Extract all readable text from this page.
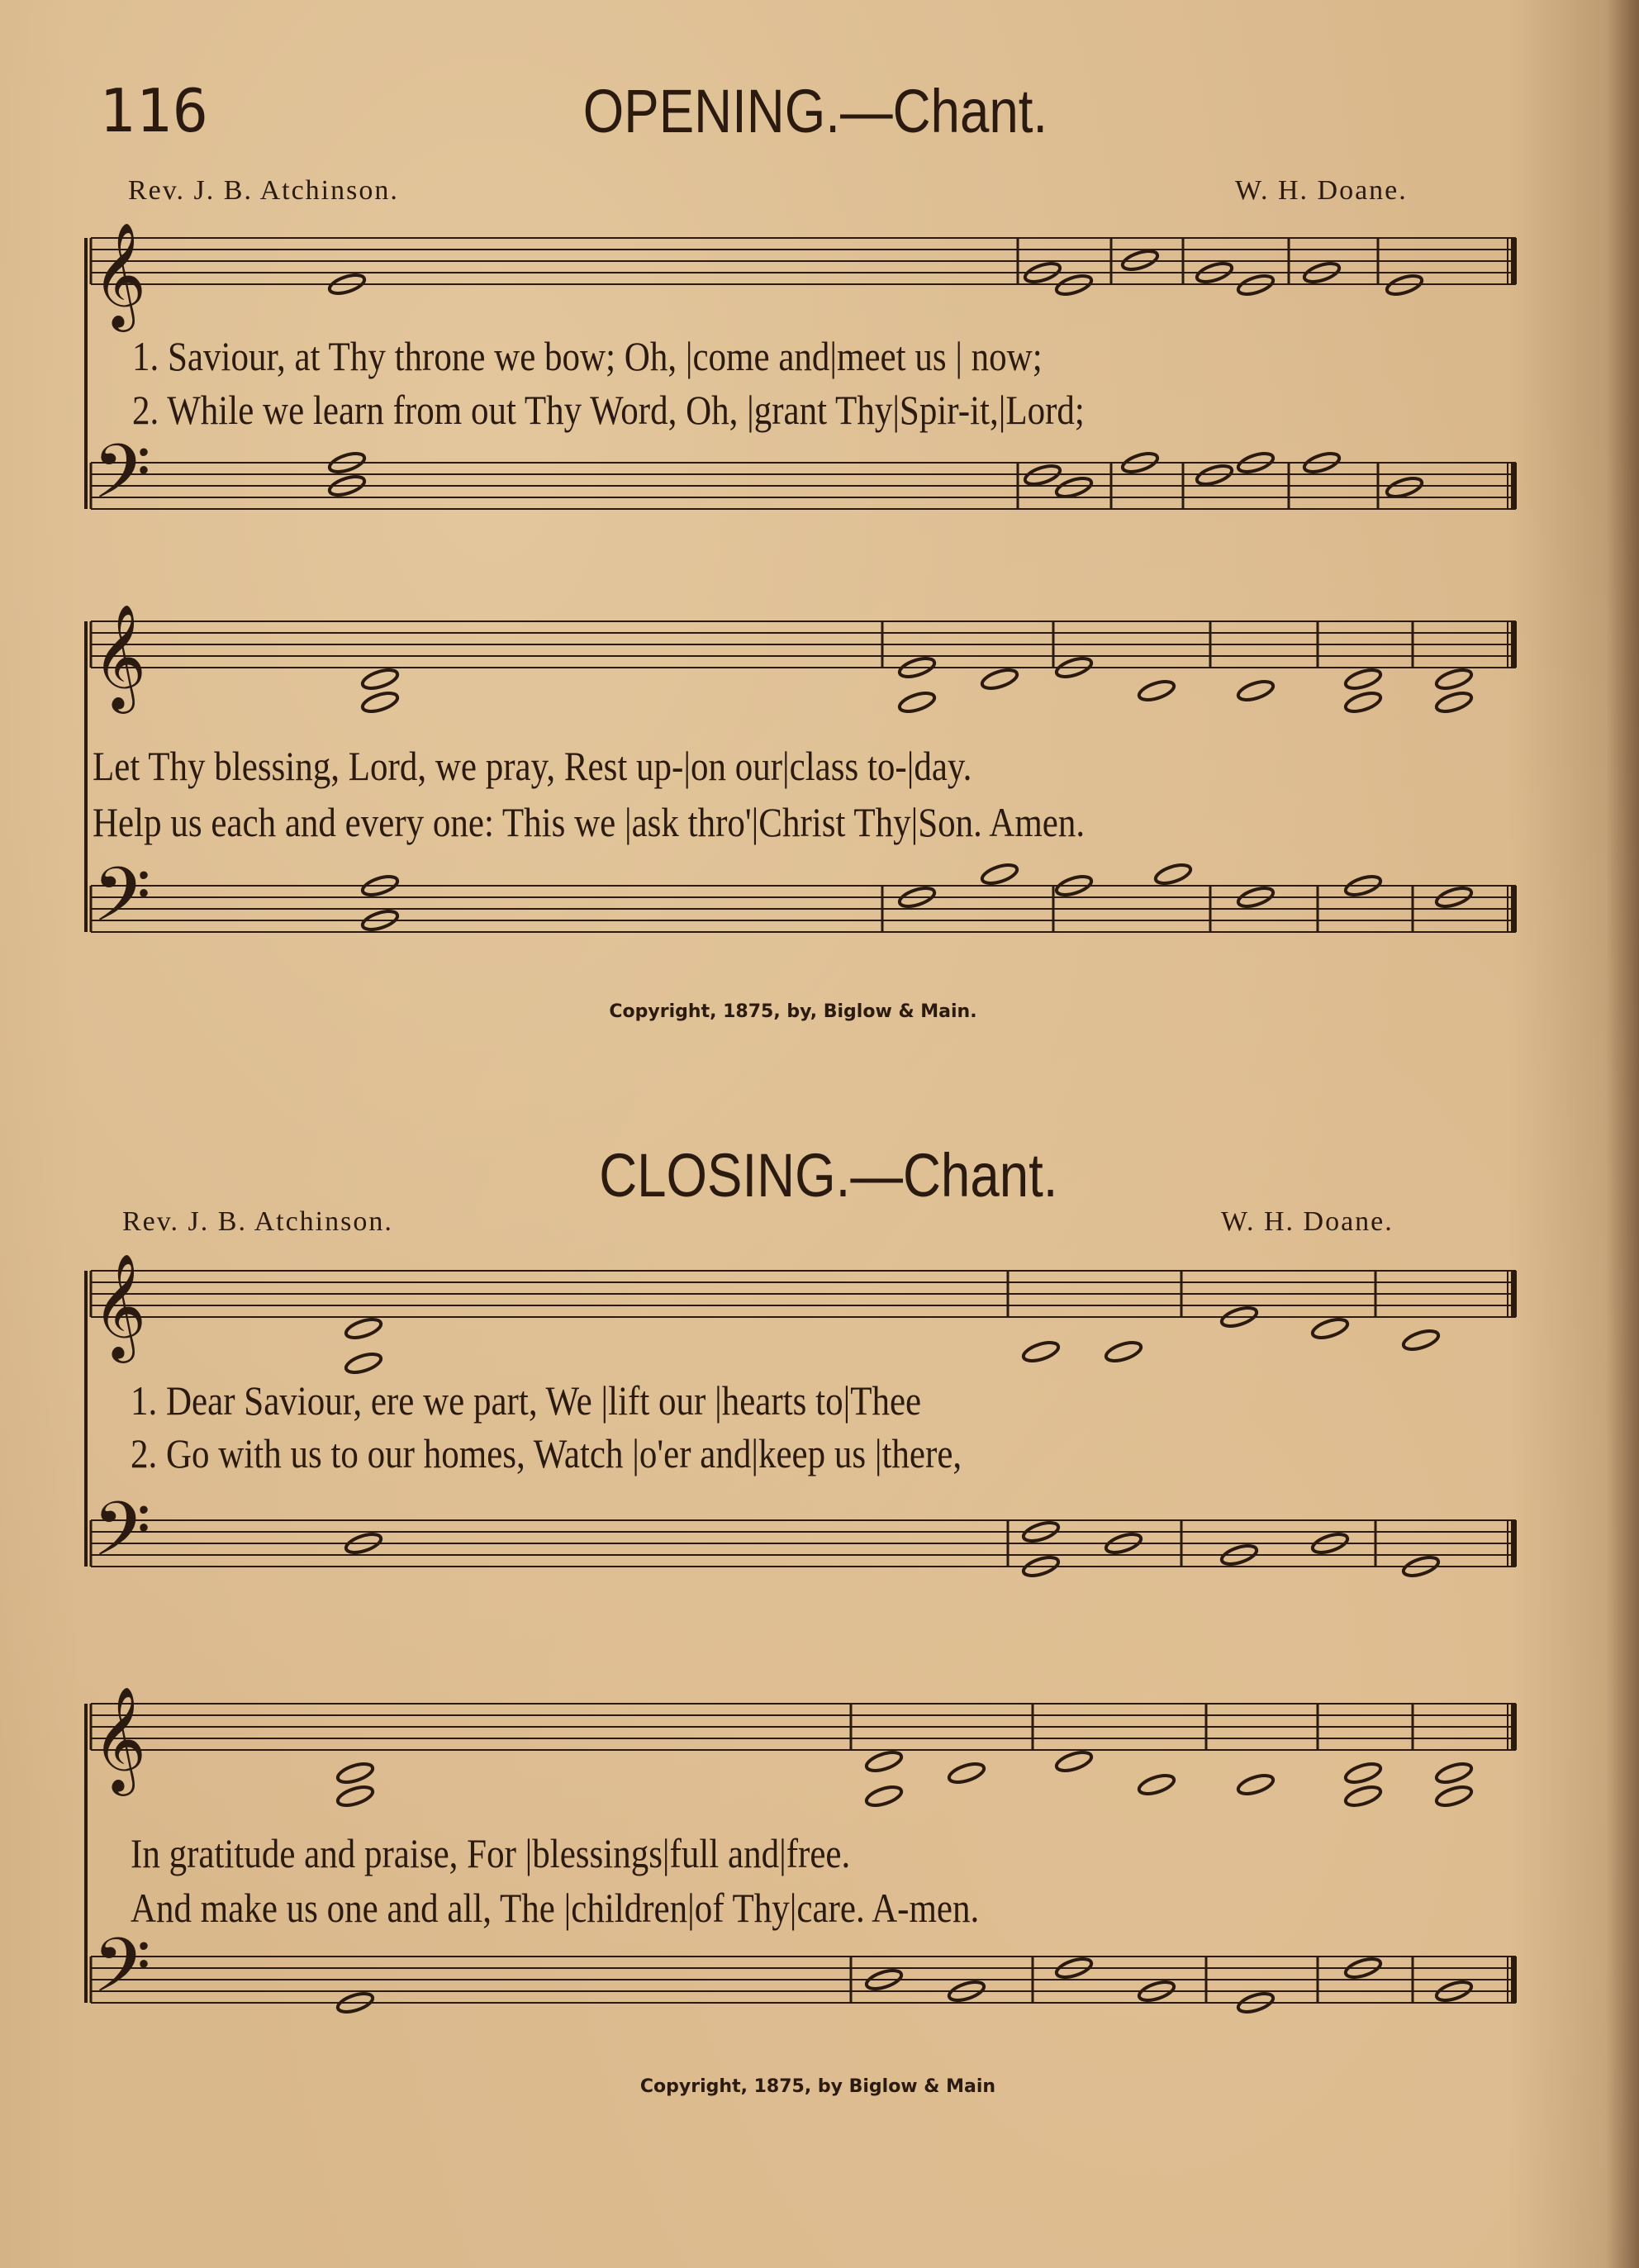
116	OPENING.—Chant.
Rev. J. B. Atchinson.	W. H. Doane.
1. Saviour, at Thy throne we bow; Oh, |come and|meet us | now;
2. While we learn from out Thy Word, Oh, |grant Thy|Spir-it,|Lord;
Let Thy blessing, Lord, we pray, Rest up-|on our|class to-|day.
Help us each and every one: This we |ask thro'|Christ Thy|Son. Amen.
Copyright, 1875, by, Biglow & Main.
CLOSING.—Chant.
Rev. J. B. Atchinson.	W. H. Doane.
1. Dear Saviour, ere we part, We |lift our |hearts to|Thee
2. Go with us to our homes, Watch |o'er and|keep us |there,
In gratitude and praise, For |blessings|full and|free.
And make us one and all, The |children|of Thy|care. A-men.
Copyright, 1875, by Biglow & Main
𝄞
𝄢
𝄞
𝄢
𝄞
𝄢
𝄞
𝄢
